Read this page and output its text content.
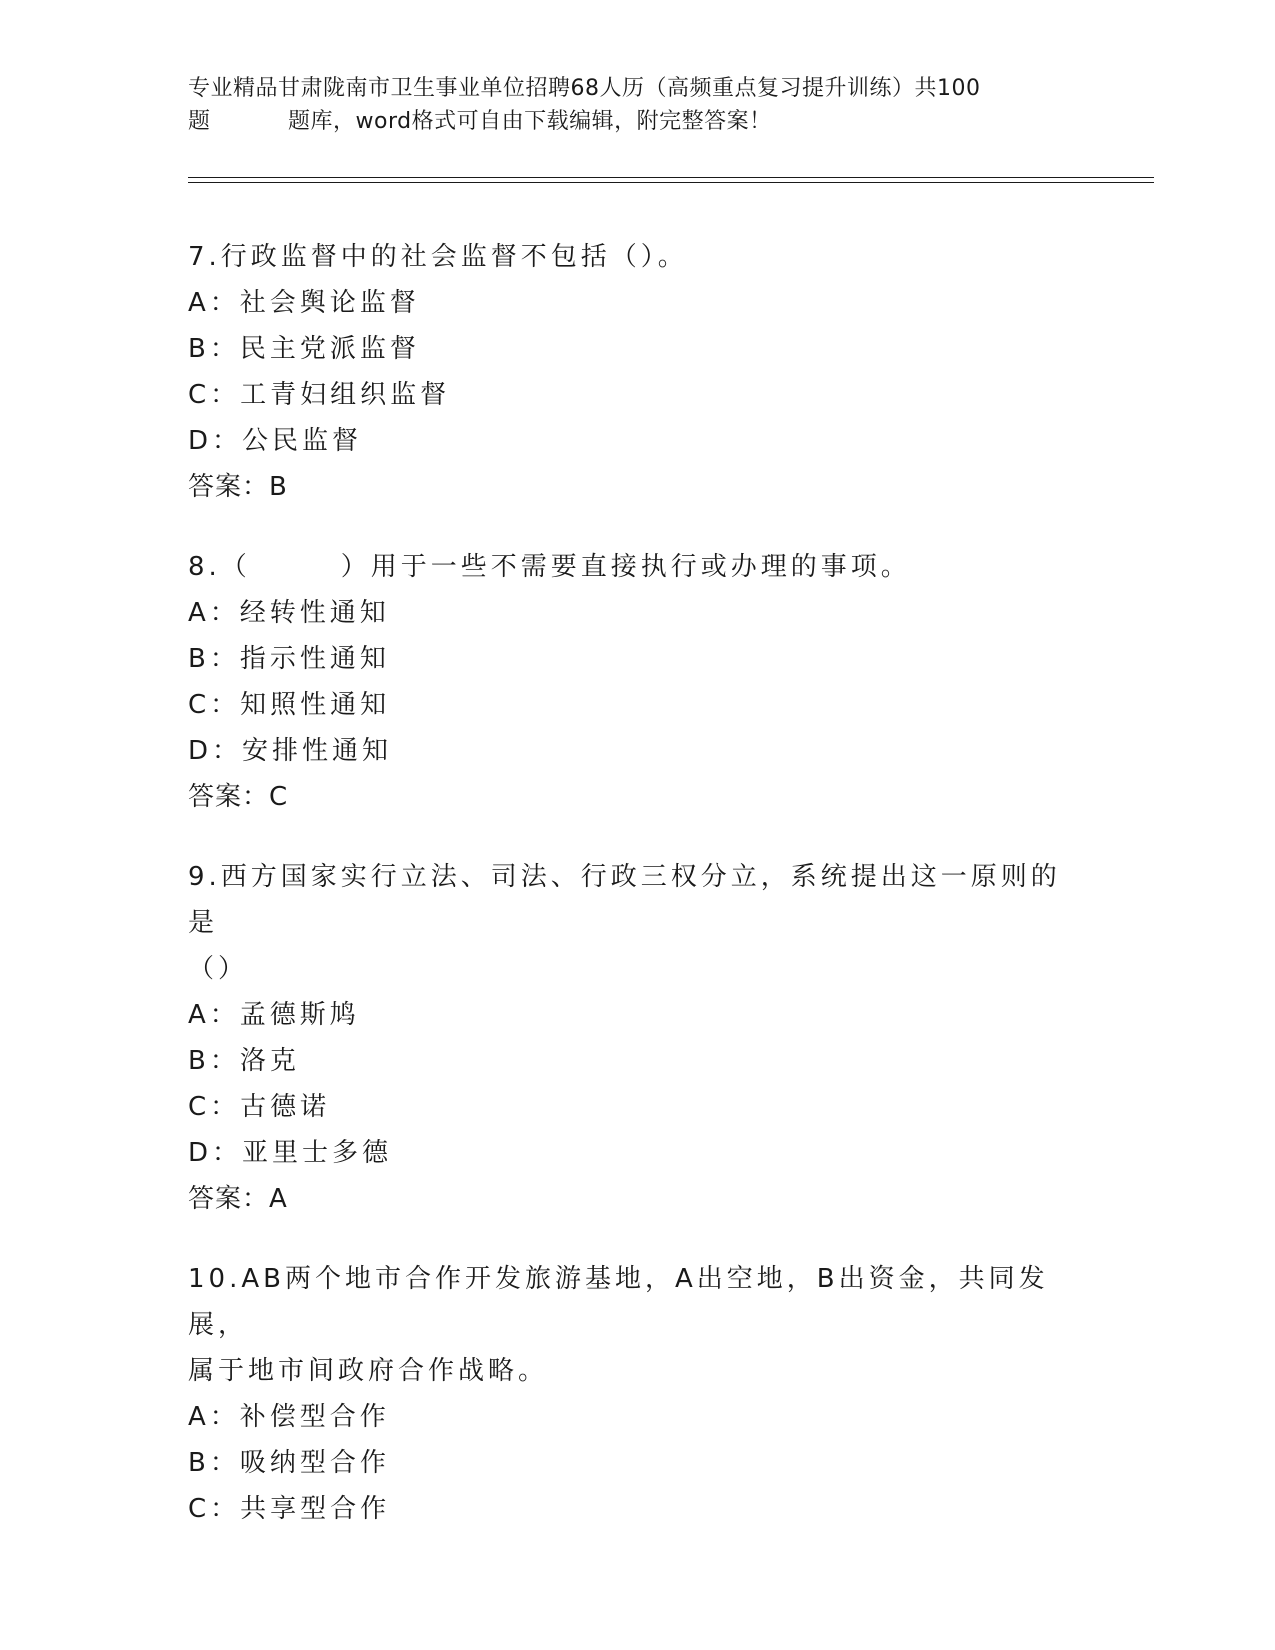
专业精品甘肃陇南市卫生事业单位招聘68人历（高频重点复习提升训练）共100
题	题库，word格式可自由下载编辑，附完整答案！

7.行政监督中的社会监督不包括（）。

A：社会舆论监督

B：民主党派监督

C：工青妇组织监督

D：公民监督

答案：B

8.（　　　）用于一些不需要直接执行或办理的事项。

A：经转性通知

B：指示性通知

C：知照性通知

D：安排性通知

答案：C

9.西方国家实行立法、司法、行政三权分立，系统提出这一原则的是

（）

A：孟德斯鸠

B：洛克

C：古德诺

D：亚里士多德

答案：A

10.AB两个地市合作开发旅游基地，A出空地，B出资金，共同发展，

属于地市间政府合作战略。

A：补偿型合作

B：吸纳型合作

C：共享型合作
